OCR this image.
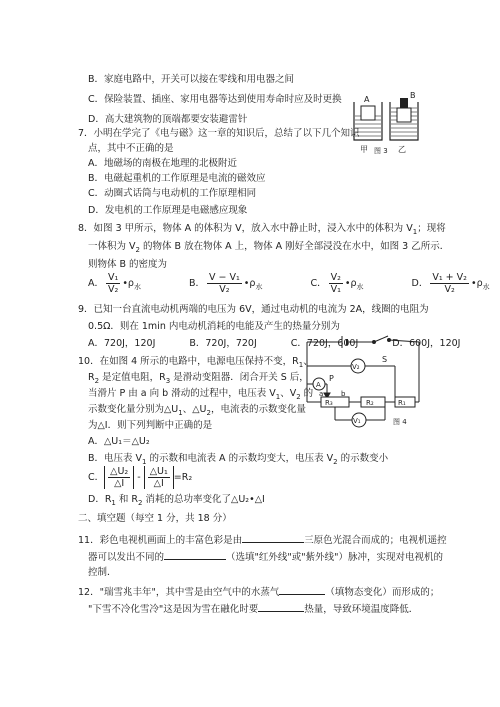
B．家庭电路中，开关可以接在零线和用电器之间
C．保险装置、插座、家用电器等达到使用寿命时应及时更换
D．高大建筑物的顶端都要安装避雷针
A	B
甲 图 3 乙
7．小明在学完了《电与磁》这一章的知识后，总结了以下几个知识
点，其中不正确的是
A．地磁场的南极在地理的北极附近
B．电磁起重机的工作原理是电流的磁效应
C．动圈式话筒与电动机的工作原理相同
D．发电机的工作原理是电磁感应现象
8．如图 3 甲所示，物体 A 的体积为 V，放入水中静止时，浸入水中的体积为 $V_1$；现将
一体积为 $V_2$ 的物体 B 放在物体 A 上，物体 A 刚好全部浸没在水中，如图 3 乙所示．
则物体 B 的密度为
A． $\frac{\text{V₁}}{\text{V₂}}$ $•\rho_水$	B． $\frac{\text{V − V₁}}{\text{V₂}}$ $•\rho_水$	C． $\frac{\text{V₂}}{\text{V₁}}$ $•\rho_水$	D． $\frac{\text{V₁ + V₂}}{\text{V₂}}$ $•\rho_水$
9．已知一台直流电动机两端的电压为 6V，通过电动机的电流为 2A，线圈的电阻为
0.5Ω．则在 1min 内电动机消耗的电能及产生的热量分别为
A．720J，120J	B．720J，720J	C．720J，600J	D．600J，120J
10．在如图 4 所示的电路中，电源电压保持不变，$R_1$、
$R_2$ 是定值电阻，$R_3$ 是滑动变阻器．闭合开关 S 后，
当滑片 P 由 a 向 b 滑动的过程中，电压表 $V_1$、$V_2$ 的
示数变化量分别为$\triangle U_1$、$\triangle U_2$，电流表的示数变化量
为△I．则下列判断中正确的是
A．△U₁＝△U₂
B．电压表 $V_1$ 的示数和电流表 A 的示数均变大，电压表 $V_2$ 的示数变小
C． $\frac{\text{△U₂}}{\triangle I} - \frac{\text{△U₁}}{\triangle I} =R_2$
D．$R_1$ 和 $R_2$ 消耗的总功率变化了△U₂•△I
S
V₂
A
P
R₃
a	b
R₂	R₁
V₁	图 4
二、填空题（每空 1 分，共 18 分）
11．彩色电视机画面上的丰富色彩是由	三原色光混合而成的；电视机遥控
器可以发出不同的	（选填"红外线"或"紫外线"）脉冲，实现对电视机的
控制．
12．"瑞雪兆丰年"，其中雪是由空气中的水蒸气	（填物态变化）而形成的；
"下雪不冷化雪冷"这是因为雪在融化时要	热量，导致环境温度降低．
